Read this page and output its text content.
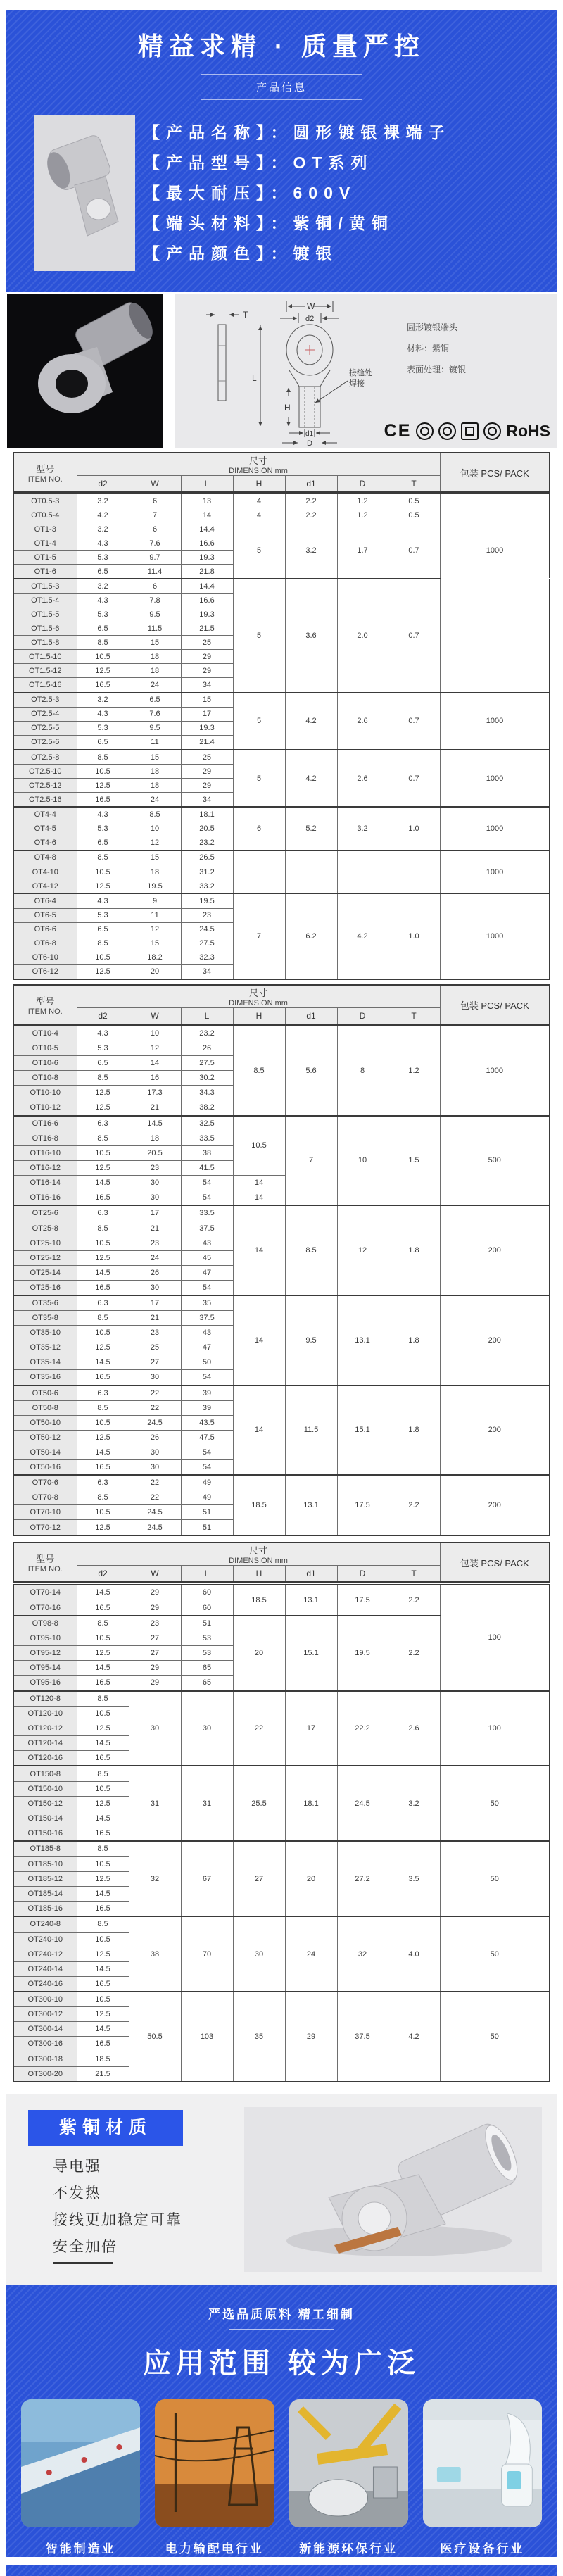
精益求精 · 质量严控
产品信息
【产品名称】：圆形镀银裸端子
【产品型号】：OT系列
【最大耐压】：600V
【端头材料】：紫铜/黄铜
【产品颜色】：镀银
T
W
d2
L
H
d1
D
接缝处
焊接
圆形镀银端头
材料：紫铜
表面处理：镀银
CE	RoHS
型号
ITEM NO.

尺寸
DIMENSION mm	包装 PCS/ PACK
	d2	W	L	H	d1	D	T	
OT0.5-3	3.2	6	13	4	2.2	1.2	0.5	1000	
OT0.5-4	4.2	7	14	4	2.2	1.2	0.5		
OT1-3	3.2	6	14.4	5	3.2	1.7	0.7		
OT1-4	4.3	7.6	16.6						
OT1-5	5.3	9.7	19.3						
OT1-6	6.5	11.4	21.8						
OT1.5-3	3.2	6	14.4	5	3.6	2.0	0.7	
OT1.5-4	4.3	7.8	16.6						
OT1.5-5	5.3	9.5	19.3						
OT1.5-6	6.5	11.5	21.5						
OT1.5-8	8.5	15	25						
OT1.5-10	10.5	18	29						
OT1.5-12	12.5	18	29						
OT1.5-16	16.5	24	34						
OT2.5-3	3.2	6.5	15	5	4.2	2.6	0.7	1000	
OT2.5-4	4.3	7.6	17						
OT2.5-5	5.3	9.5	19.3						
OT2.5-6	6.5	11	21.4						
OT2.5-8	8.5	15	25	5	4.2	2.6	0.7	1000	
OT2.5-10	10.5	18	29						
OT2.5-12	12.5	18	29						
OT2.5-16	16.5	24	34						
OT4-4	4.3	8.5	18.1	6	5.2	3.2	1.0	1000	
OT4-5	5.3	10	20.5						
OT4-6	6.5	12	23.2						
OT4-8	8.5	15	26.5					1000	
OT4-10	10.5	18	31.2						
OT4-12	12.5	19.5	33.2						
OT6-4	4.3	9	19.5	7	6.2	4.2	1.0	1000	
OT6-5	5.3	11	23						
OT6-6	6.5	12	24.5						
OT6-8	8.5	15	27.5						
OT6-10	10.5	18.2	32.3						
OT6-12	12.5	20	34						
型号
ITEM NO.

尺寸
DIMENSION mm	包装 PCS/ PACK
	d2	W	L	H	d1	D	T	
OT10-4	4.3	10	23.2	8.5	5.6	8	1.2	1000
OT10-5	5.3	12	26					
OT10-6	6.5	14	27.5					
OT10-8	8.5	16	30.2					
OT10-10	12.5	17.3	34.3					
OT10-12	12.5	21	38.2					
OT16-6	6.3	14.5	32.5	10.5	7	10	1.5	500
OT16-8	8.5	18	33.5					
OT16-10	10.5	20.5	38					
OT16-12	12.5	23	41.5					
OT16-14	14.5	30	54	14				
OT16-16	16.5	30	54	14				
OT25-6	6.3	17	33.5	14	8.5	12	1.8	200
OT25-8	8.5	21	37.5					
OT25-10	10.5	23	43					
OT25-12	12.5	24	45					
OT25-14	14.5	26	47					
OT25-16	16.5	30	54					
OT35-6	6.3	17	35	14	9.5	13.1	1.8	200
OT35-8	8.5	21	37.5					
OT35-10	10.5	23	43					
OT35-12	12.5	25	47					
OT35-14	14.5	27	50					
OT35-16	16.5	30	54					
OT50-6	6.3	22	39	14	11.5	15.1	1.8	200
OT50-8	8.5	22	39					
OT50-10	10.5	24.5	43.5					
OT50-12	12.5	26	47.5					
OT50-14	14.5	30	54					
OT50-16	16.5	30	54					
OT70-6	6.3	22	49	18.5	13.1	17.5	2.2	200
OT70-8	8.5	22	49					
OT70-10	10.5	24.5	51					
OT70-12	12.5	24.5	51					
型号
ITEM NO.

尺寸
DIMENSION mm	包装 PCS/ PACK
	d2	W	L	H	d1	D	T	
OT70-14	14.5	29	60	18.5	13.1	17.5	2.2	100
OT70-16	16.5	29	60					
OT98-8	8.5	23	51	20	15.1	19.5	2.2	
OT95-10	10.5	27	53					
OT95-12	12.5	27	53					
OT95-14	14.5	29	65					
OT95-16	16.5	29	65					
OT120-8	8.5	30	30	22	17	22.2	2.6	100
OT120-10	10.5							
OT120-12	12.5							
OT120-14	14.5							
OT120-16	16.5							
OT150-8	8.5	31	31	25.5	18.1	24.5	3.2	50
OT150-10	10.5							
OT150-12	12.5							
OT150-14	14.5							
OT150-16	16.5							
OT185-8	8.5	32	67	27	20	27.2	3.5	50
OT185-10	10.5							
OT185-12	12.5							
OT185-14	14.5							
OT185-16	16.5							
OT240-8	8.5	38	70	30	24	32	4.0	50
OT240-10	10.5							
OT240-12	12.5							
OT240-14	14.5							
OT240-16	16.5							
OT300-10	10.5	50.5	103	35	29	37.5	4.2	50
OT300-12	12.5							
OT300-14	14.5							
OT300-16	16.5							
OT300-18	18.5							
OT300-20	21.5							
紫铜材质
导电强
不发热
接线更加稳定可靠
安全加倍
严选品质原料 精工细制
应用范围 较为广泛
智能制造业	电力输配电行业	新能源环保行业	医疗设备行业
